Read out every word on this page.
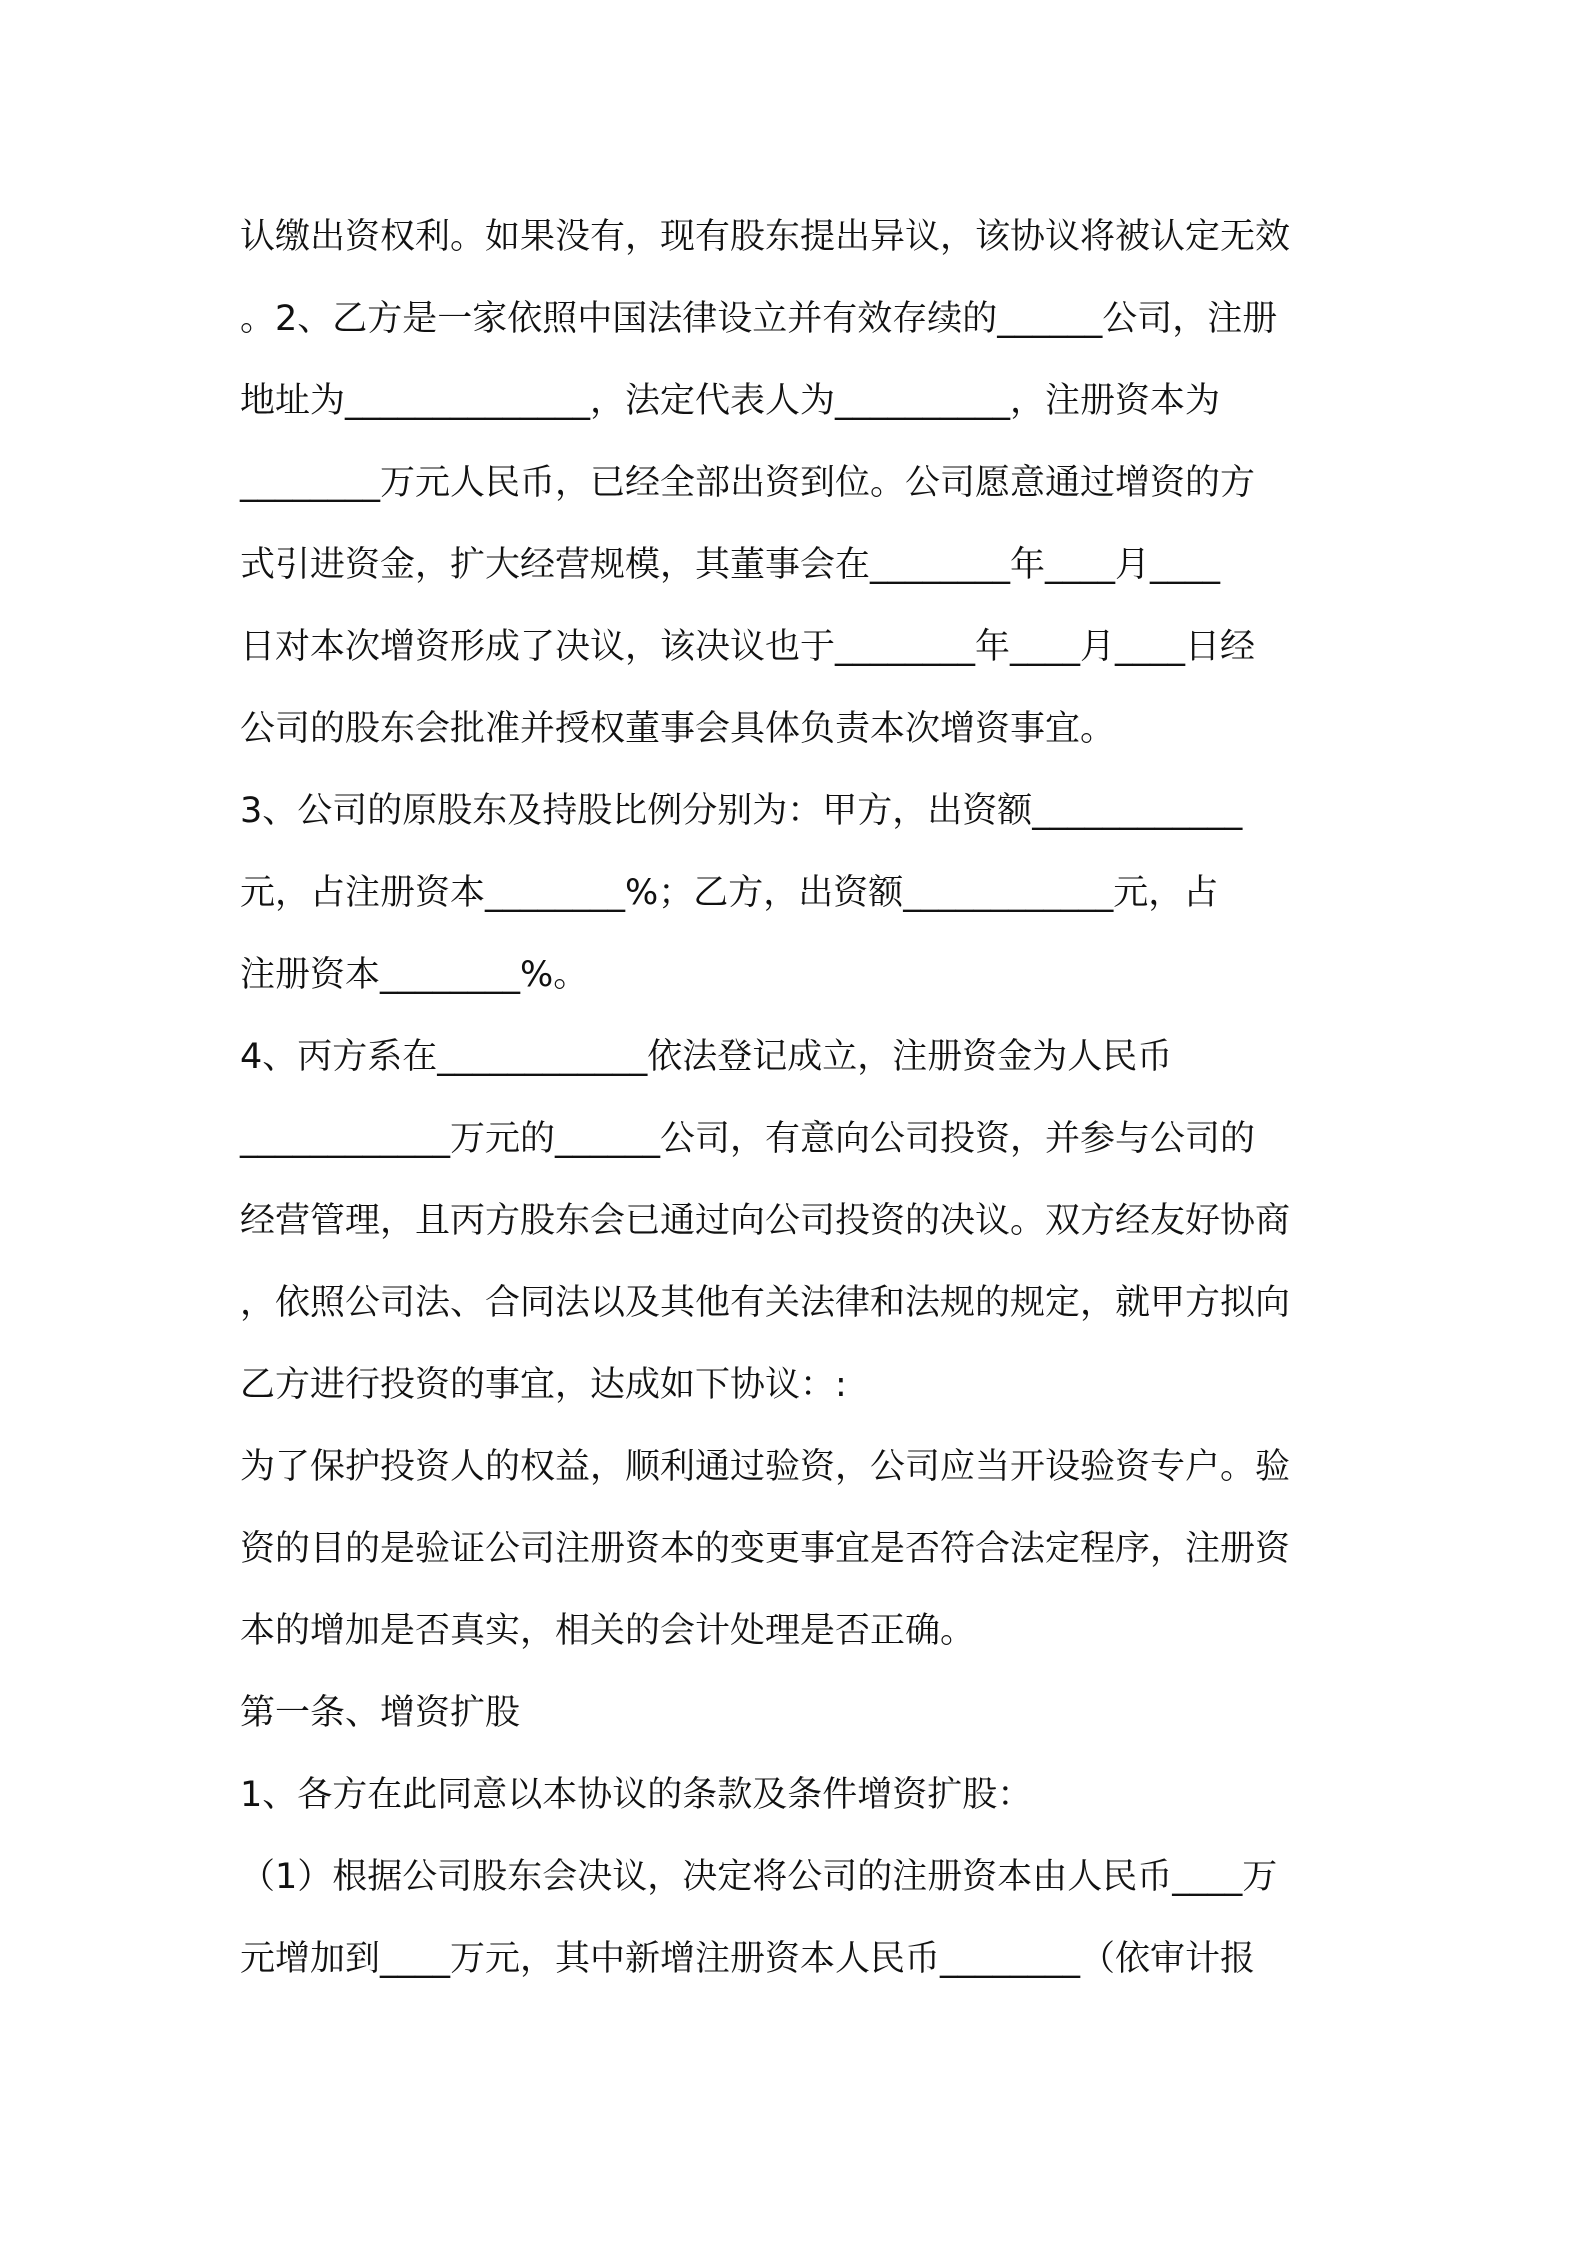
认缴出资权利。如果没有，现有股东提出异议，该协议将被认定无效
。2、乙方是一家依照中国法律设立并有效存续的______公司，注册
地址为______________，法定代表人为__________，注册资本为
________万元人民币，已经全部出资到位。公司愿意通过增资的方
式引进资金，扩大经营规模，其董事会在________年____月____
日对本次增资形成了决议，该决议也于________年____月____日经
公司的股东会批准并授权董事会具体负责本次增资事宜。
3、公司的原股东及持股比例分别为：甲方，出资额____________
元，占注册资本________%；乙方，出资额____________元，占
注册资本________%。
4、丙方系在____________依法登记成立，注册资金为人民币
____________万元的______公司，有意向公司投资，并参与公司的
经营管理，且丙方股东会已通过向公司投资的决议。双方经友好协商
，依照公司法、合同法以及其他有关法律和法规的规定，就甲方拟向
乙方进行投资的事宜，达成如下协议：:
为了保护投资人的权益，顺利通过验资，公司应当开设验资专户。验
资的目的是验证公司注册资本的变更事宜是否符合法定程序，注册资
本的增加是否真实，相关的会计处理是否正确。
第一条、增资扩股
1、各方在此同意以本协议的条款及条件增资扩股：
（1）根据公司股东会决议，决定将公司的注册资本由人民币____万
元增加到____万元，其中新增注册资本人民币________（依审计报
